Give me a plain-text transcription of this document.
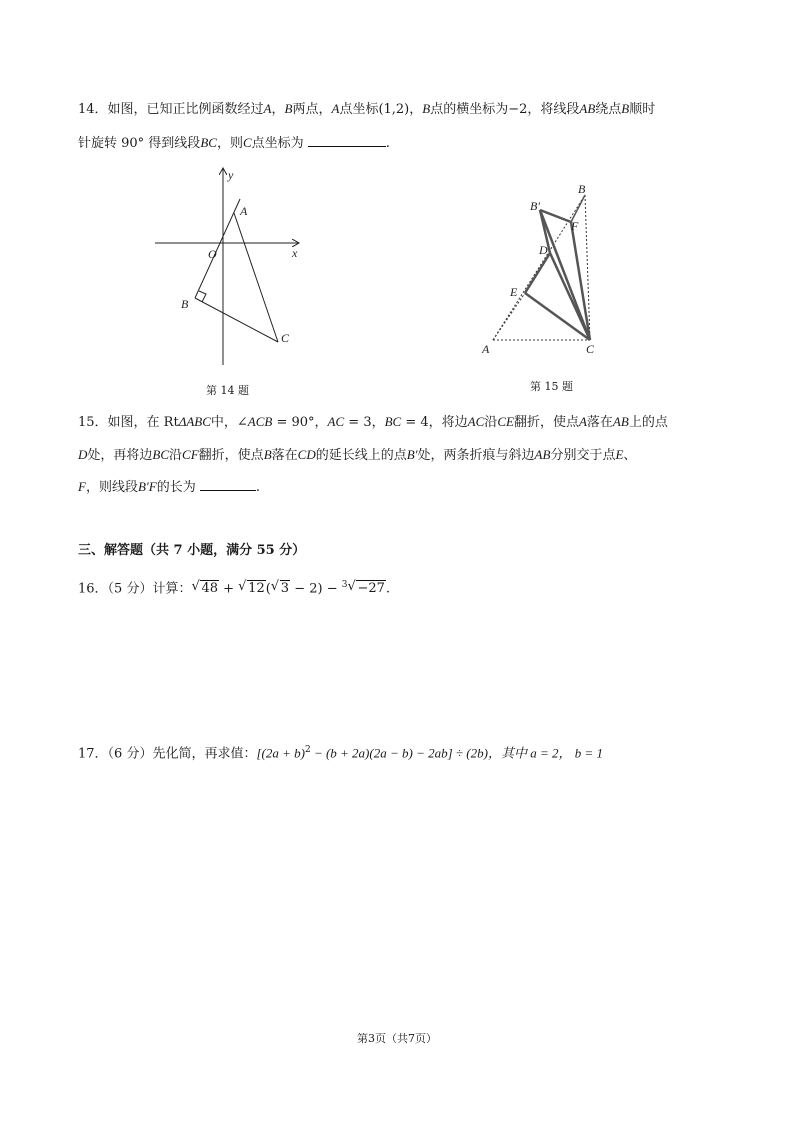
14．如图，已知正比例函数经过A，B两点，A点坐标(1,2)，B点的横坐标为−2，将线段AB绕点B顺时
针旋转 90° 得到线段BC，则C点坐标为	.
y
x
O
A
B
C
第 14 题
B
B′
F
D
E
A	C
第 15 题
15．如图，在 RtΔABC中，∠ACB = 90°，AC = 3，BC = 4，将边AC沿CE翻折，使点A落在AB上的点
D处，再将边BC沿CF翻折，使点B落在CD的延长线上的点B′处，两条折痕与斜边AB分别交于点E、
F，则线段B′F的长为	.
三、解答题（共 7 小题，满分 55 分）
16．（5 分）计算： √ 48 + √ 12( √ 3 − 2) − $^3$ √ −27.
17．（6 分）先化简，再求值：$[(2a + b)^2 - (b + 2a)(2a - b) - 2ab] \div (2b)$，其中 a = 2， b = 1
第3页（共7页）
